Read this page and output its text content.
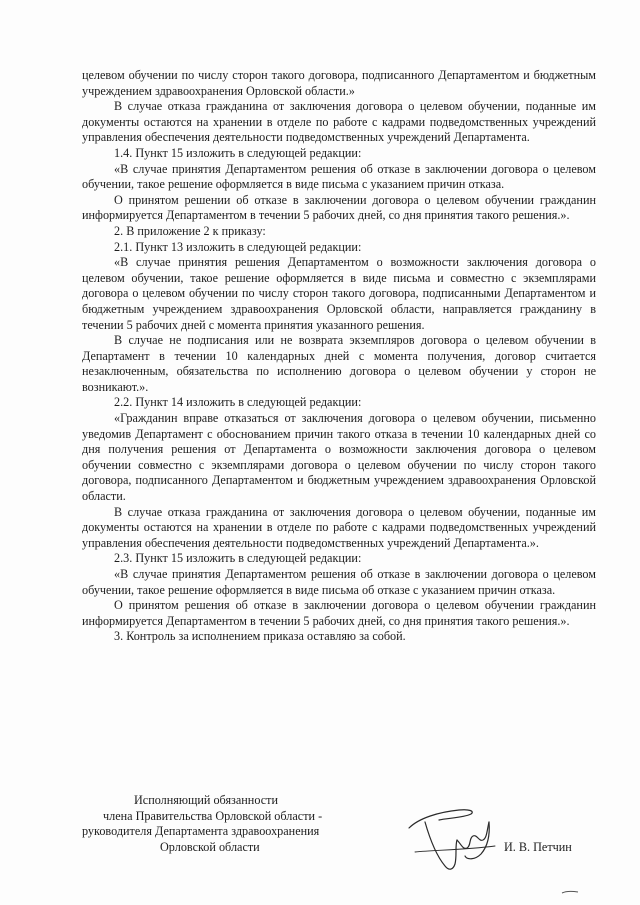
целевом обучении по числу сторон такого договора, подписанного Департаментом и бюджетным учреждением здравоохранения Орловской области.»

В случае отказа гражданина от заключения договора о целевом обучении, поданные им документы остаются на хранении в отделе по работе с кадрами подведомственных учреждений управления обеспечения деятельности подведомственных учреждений Департамента.

1.4. Пункт 15 изложить в следующей редакции:

«В случае принятия Департаментом решения об отказе в заключении договора о целевом обучении, такое решение оформляется в виде письма с указанием причин отказа.

О принятом решении об отказе в заключении договора о целевом обучении гражданин информируется Департаментом в течении 5 рабочих дней, со дня принятия такого решения.».

2. В приложение 2 к приказу:

2.1. Пункт 13 изложить в следующей редакции:

«В случае принятия решения Департаментом о возможности заключения договора о целевом обучении, такое решение оформляется в виде письма и совместно с экземплярами договора о целевом обучении по числу сторон такого договора, подписанными Департаментом и бюджетным учреждением здравоохранения Орловской области, направляется гражданину в течении 5 рабочих дней с момента принятия указанного решения.

В случае не подписания или не возврата экземпляров договора о целевом обучении в Департамент в течении 10 календарных дней с момента получения, договор считается незаключенным, обязательства по исполнению договора о целевом обучении у сторон не возникают.».

2.2. Пункт 14 изложить в следующей редакции:

«Гражданин вправе отказаться от заключения договора о целевом обучении, письменно уведомив Департамент с обоснованием причин такого отказа в течении 10 календарных дней со дня получения решения от Департамента о возможности заключения договора о целевом обучении совместно с экземплярами договора о целевом обучении по числу сторон такого договора, подписанного Департаментом и бюджетным учреждением здравоохранения Орловской области.

В случае отказа гражданина от заключения договора о целевом обучении, поданные им документы остаются на хранении в отделе по работе с кадрами подведомственных учреждений управления обеспечения деятельности подведомственных учреждений Департамента.».

2.3. Пункт 15 изложить в следующей редакции:

«В случае принятия Департаментом решения об отказе в заключении договора о целевом обучении, такое решение оформляется в виде письма об отказе с указанием причин отказа.

О принятом решения об отказе в заключении договора о целевом обучении гражданин информируется Департаментом в течении 5 рабочих дней, со дня принятия такого решения.».

3. Контроль за исполнением приказа оставляю за собой.

Исполняющий обязанности
члена Правительства Орловской области -
руководителя Департамента здравоохранения
Орловской области	И. В. Петчин
